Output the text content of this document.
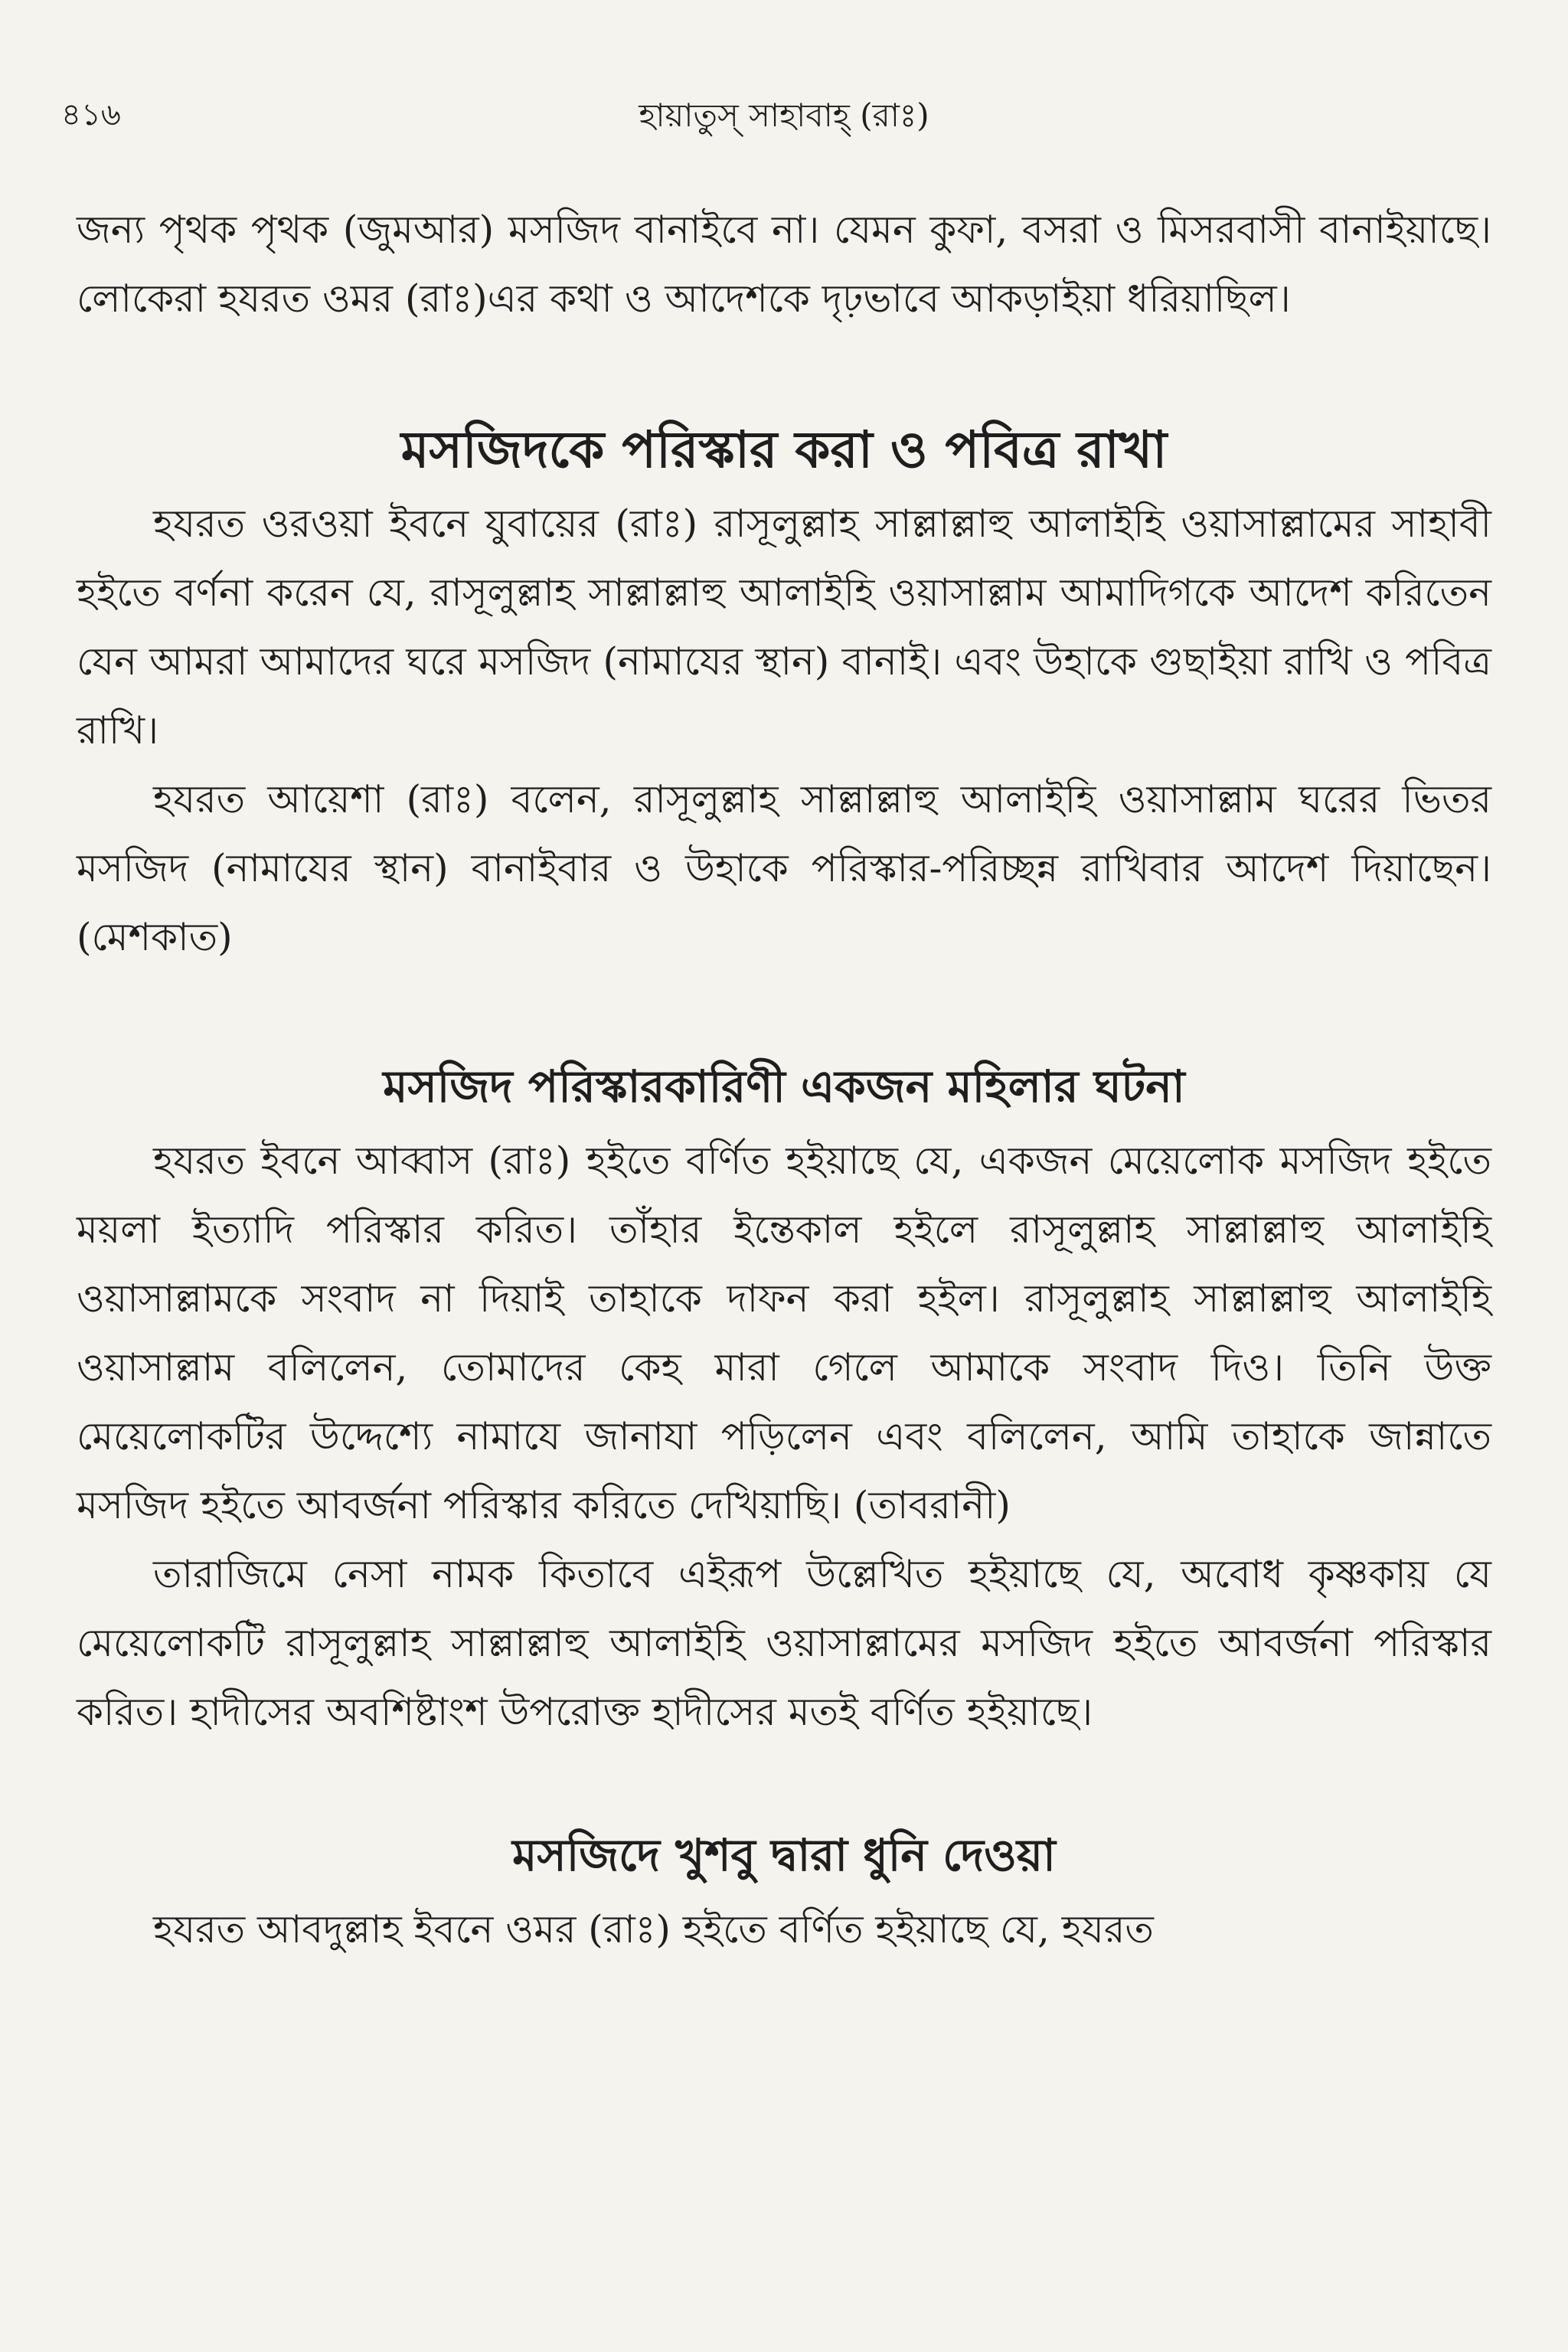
৪১৬	হায়াতুস্ সাহাবাহ্ (রাঃ)

জন্য পৃথক পৃথক (জুমআর) মসজিদ বানাইবে না। যেমন কুফা, বসরা ও মিসরবাসী বানাইয়াছে। লোকেরা হযরত ওমর (রাঃ)এর কথা ও আদেশকে দৃঢ়ভাবে আকড়াইয়া ধরিয়াছিল।

মসজিদকে পরিস্কার করা ও পবিত্র রাখা

হযরত ওরওয়া ইবনে যুবায়ের (রাঃ) রাসূলুল্লাহ সাল্লাল্লাহু আলাইহি ওয়াসাল্লামের সাহাবী হইতে বর্ণনা করেন যে, রাসূলুল্লাহ সাল্লাল্লাহু আলাইহি ওয়াসাল্লাম আমাদিগকে আদেশ করিতেন যেন আমরা আমাদের ঘরে মসজিদ (নামাযের স্থান) বানাই। এবং উহাকে গুছাইয়া রাখি ও পবিত্র রাখি।

হযরত আয়েশা (রাঃ) বলেন, রাসূলুল্লাহ সাল্লাল্লাহু আলাইহি ওয়াসাল্লাম ঘরের ভিতর মসজিদ (নামাযের স্থান) বানাইবার ও উহাকে পরিস্কার-পরিচ্ছন্ন রাখিবার আদেশ দিয়াছেন। (মেশকাত)

মসজিদ পরিস্কারকারিণী একজন মহিলার ঘটনা

হযরত ইবনে আব্বাস (রাঃ) হইতে বর্ণিত হইয়াছে যে, একজন মেয়েলোক মসজিদ হইতে ময়লা ইত্যাদি পরিস্কার করিত। তাঁহার ইন্তেকাল হইলে রাসূলুল্লাহ সাল্লাল্লাহু আলাইহি ওয়াসাল্লামকে সংবাদ না দিয়াই তাহাকে দাফন করা হইল। রাসূলুল্লাহ সাল্লাল্লাহু আলাইহি ওয়াসাল্লাম বলিলেন, তোমাদের কেহ মারা গেলে আমাকে সংবাদ দিও। তিনি উক্ত মেয়েলোকটির উদ্দেশ্যে নামাযে জানাযা পড়িলেন এবং বলিলেন, আমি তাহাকে জান্নাতে মসজিদ হইতে আবর্জনা পরিস্কার করিতে দেখিয়াছি। (তাবরানী)

তারাজিমে নেসা নামক কিতাবে এইরূপ উল্লেখিত হইয়াছে যে, অবোধ কৃষ্ণকায় যে মেয়েলোকটি রাসূলুল্লাহ সাল্লাল্লাহু আলাইহি ওয়াসাল্লামের মসজিদ হইতে আবর্জনা পরিস্কার করিত। হাদীসের অবশিষ্টাংশ উপরোক্ত হাদীসের মতই বর্ণিত হইয়াছে।

মসজিদে খুশবু দ্বারা ধুনি দেওয়া

হযরত আবদুল্লাহ ইবনে ওমর (রাঃ) হইতে বর্ণিত হইয়াছে যে, হযরত
